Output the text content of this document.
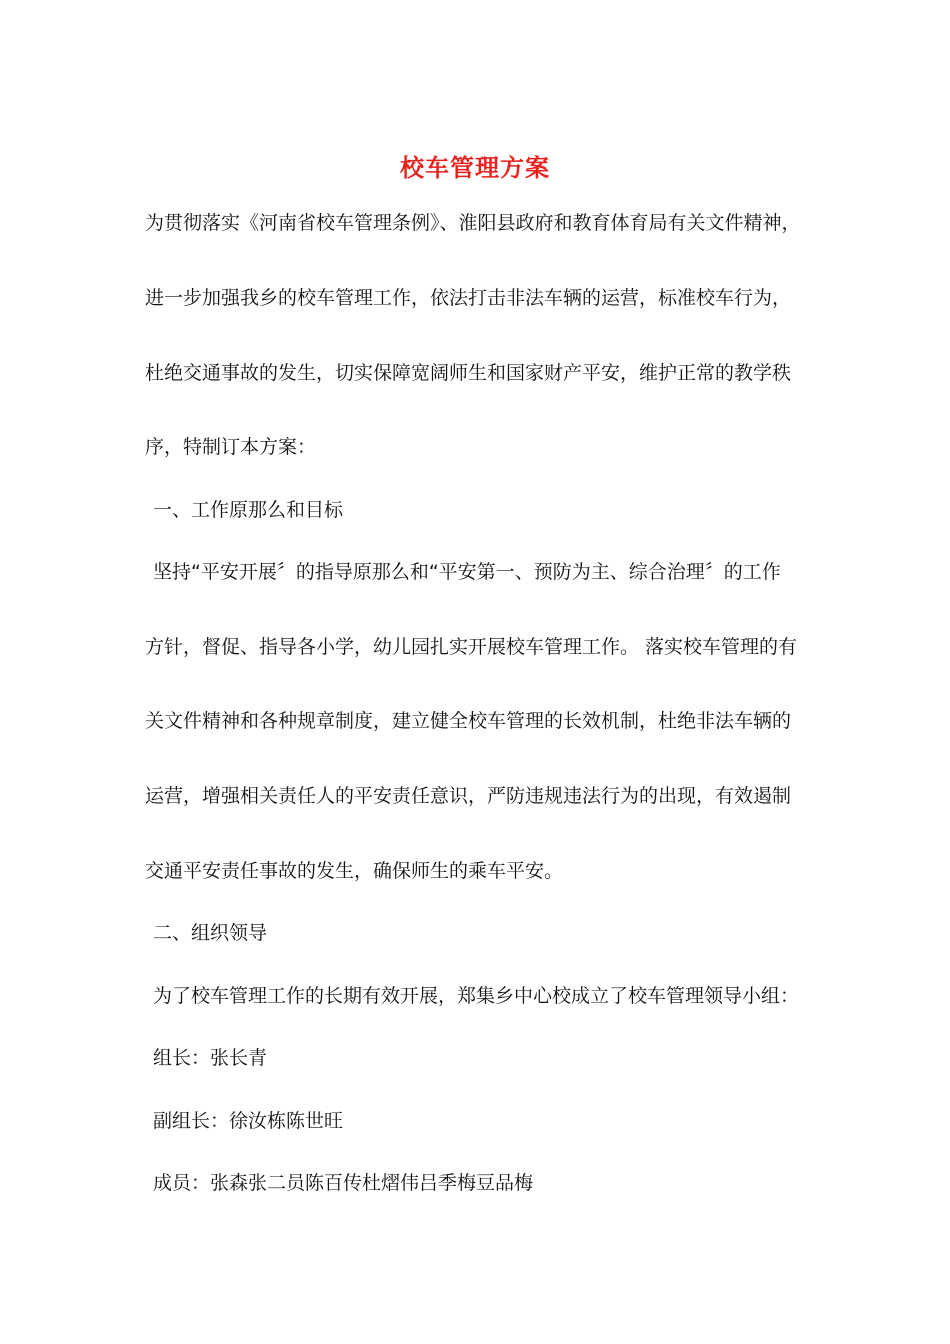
校车管理方案
为贯彻落实《河南省校车管理条例》、淮阳县政府和教育体育局有关文件精神，
进一步加强我乡的校车管理工作，依法打击非法车辆的运营，标准校车行为，
杜绝交通事故的发生，切实保障宽阔师生和国家财产平安，维护正常的教学秩
序，特制订本方案：
一、工作原那么和目标
坚持“平安开展〞的指导原那么和“平安第一、预防为主、综合治理〞的工作
方针，督促、指导各小学，幼儿园扎实开展校车管理工作。 落实校车管理的有
关文件精神和各种规章制度，建立健全校车管理的长效机制，杜绝非法车辆的
运营，增强相关责任人的平安责任意识，严防违规违法行为的出现，有效遏制
交通平安责任事故的发生，确保师生的乘车平安。
二、组织领导
为了校车管理工作的长期有效开展，郑集乡中心校成立了校车管理领导小组：
组长：张长青
副组长：徐汝栋陈世旺
成员：张森张二员陈百传杜熠伟吕季梅豆品梅
